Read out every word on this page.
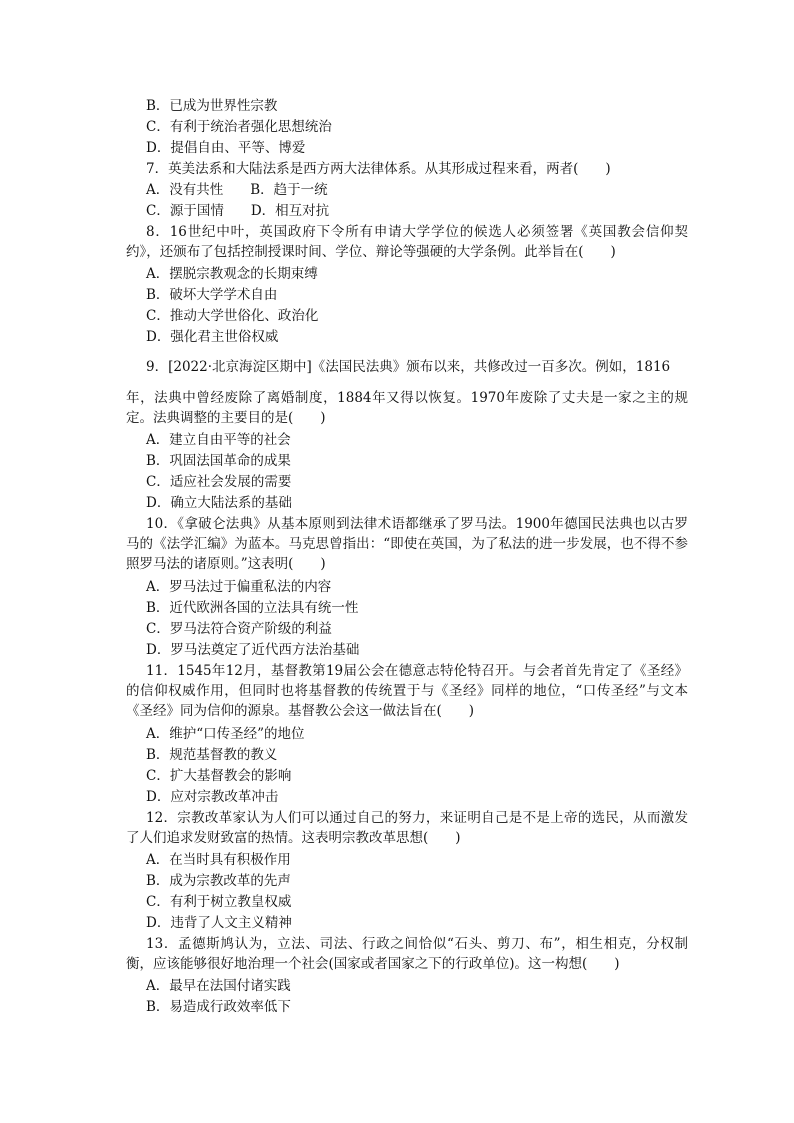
B．已成为世界性宗教
C．有利于统治者强化思想统治
D．提倡自由、平等、博爱
7．英美法系和大陆法系是西方两大法律体系。从其形成过程来看，两者(　　)
A．没有共性　　B．趋于一统
C．源于国情　　D．相互对抗
8．16世纪中叶，英国政府下令所有申请大学学位的候选人必须签署《英国教会信仰契约》，还颁布了包括控制授课时间、学位、辩论等强硬的大学条例。此举旨在(　　)
A．摆脱宗教观念的长期束缚
B．破坏大学学术自由
C．推动大学世俗化、政治化
D．强化君主世俗权威
9．[2022·北京海淀区期中]《法国民法典》颁布以来，共修改过一百多次。例如，1816
年，法典中曾经废除了离婚制度，1884年又得以恢复。1970年废除了丈夫是一家之主的规定。法典调整的主要目的是(　　)
A．建立自由平等的社会
B．巩固法国革命的成果
C．适应社会发展的需要
D．确立大陆法系的基础
10．《拿破仑法典》从基本原则到法律术语都继承了罗马法。1900年德国民法典也以古罗马的《法学汇编》为蓝本。马克思曾指出：“即使在英国，为了私法的进一步发展，也不得不参照罗马法的诸原则。”这表明(　　)
A．罗马法过于偏重私法的内容
B．近代欧洲各国的立法具有统一性
C．罗马法符合资产阶级的利益
D．罗马法奠定了近代西方法治基础
11．1545年12月，基督教第19届公会在德意志特伦特召开。与会者首先肯定了《圣经》的信仰权威作用，但同时也将基督教的传统置于与《圣经》同样的地位，“口传圣经”与文本《圣经》同为信仰的源泉。基督教公会这一做法旨在(　　)
A．维护“口传圣经”的地位
B．规范基督教的教义
C．扩大基督教会的影响
D．应对宗教改革冲击
12．宗教改革家认为人们可以通过自己的努力，来证明自己是不是上帝的选民，从而激发了人们追求发财致富的热情。这表明宗教改革思想(　　)
A．在当时具有积极作用
B．成为宗教改革的先声
C．有利于树立教皇权威
D．违背了人文主义精神
13．孟德斯鸠认为，立法、司法、行政之间恰似“石头、剪刀、布”，相生相克，分权制衡，应该能够很好地治理一个社会(国家或者国家之下的行政单位)。这一构想(　　)
A．最早在法国付诸实践
B．易造成行政效率低下
